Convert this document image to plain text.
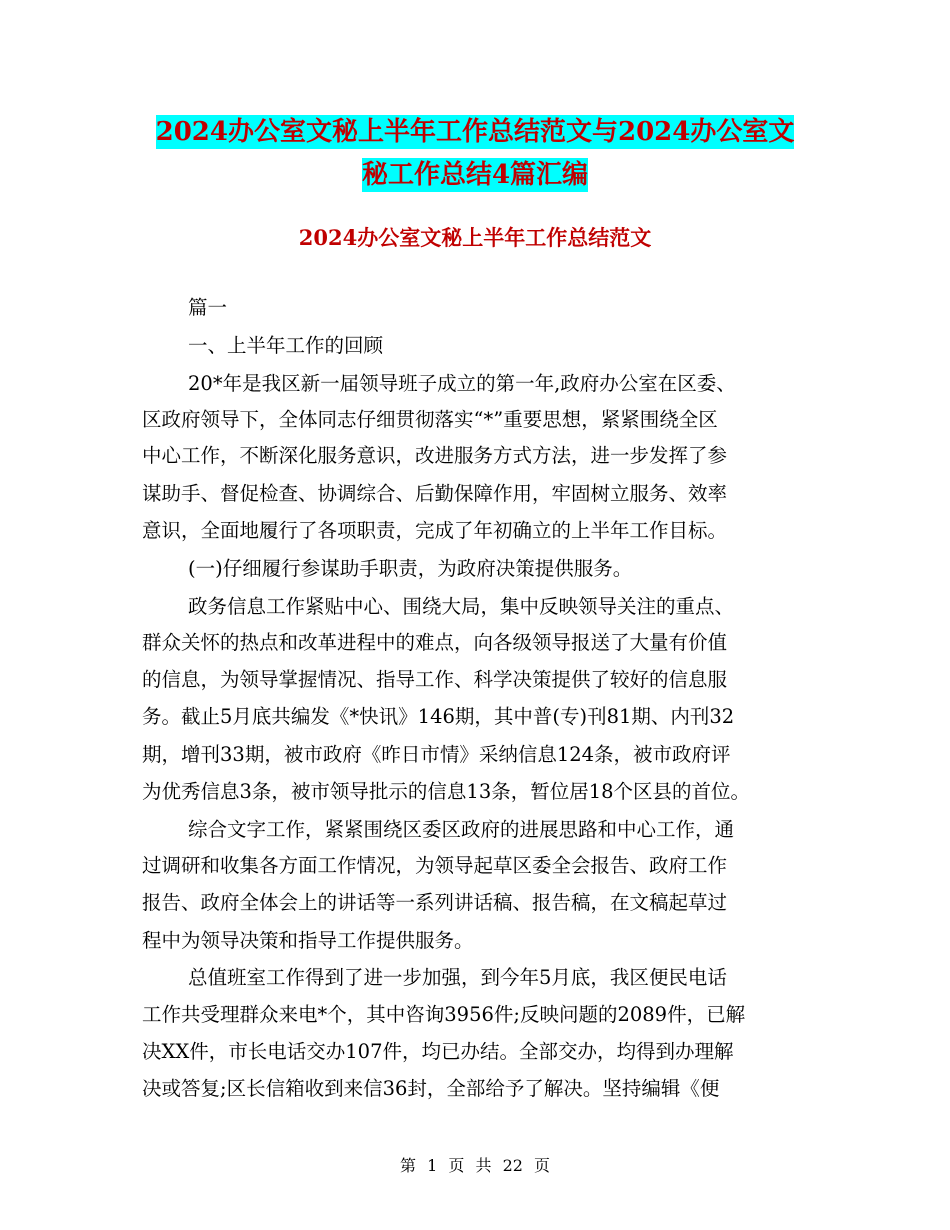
2024办公室文秘上半年工作总结范文与2024办公室文
秘工作总结4篇汇编
2024办公室文秘上半年工作总结范文

篇一

一、上半年工作的回顾

20*年是我区新一届领导班子成立的第一年,政府办公室在区委、

区政府领导下，全体同志仔细贯彻落实“*”重要思想，紧紧围绕全区

中心工作，不断深化服务意识，改进服务方式方法，进一步发挥了参

谋助手、督促检查、协调综合、后勤保障作用，牢固树立服务、效率

意识，全面地履行了各项职责，完成了年初确立的上半年工作目标。

(一)仔细履行参谋助手职责，为政府决策提供服务。

政务信息工作紧贴中心、围绕大局，集中反映领导关注的重点、

群众关怀的热点和改革进程中的难点，向各级领导报送了大量有价值

的信息，为领导掌握情况、指导工作、科学决策提供了较好的信息服

务。截止5月底共编发《*快讯》146期，其中普(专)刊81期、内刊32

期，增刊33期，被市政府《昨日市情》采纳信息124条，被市政府评

为优秀信息3条，被市领导批示的信息13条，暂位居18个区县的首位。

综合文字工作，紧紧围绕区委区政府的进展思路和中心工作，通

过调研和收集各方面工作情况，为领导起草区委全会报告、政府工作

报告、政府全体会上的讲话等一系列讲话稿、报告稿，在文稿起草过

程中为领导决策和指导工作提供服务。

总值班室工作得到了进一步加强，到今年5月底，我区便民电话

工作共受理群众来电*个，其中咨询3956件;反映问题的2089件，已解

决XX件，市长电话交办107件，均已办结。全部交办，均得到办理解

决或答复;区长信箱收到来信36封，全部给予了解决。坚持编辑《便

第 1 页 共 22 页
